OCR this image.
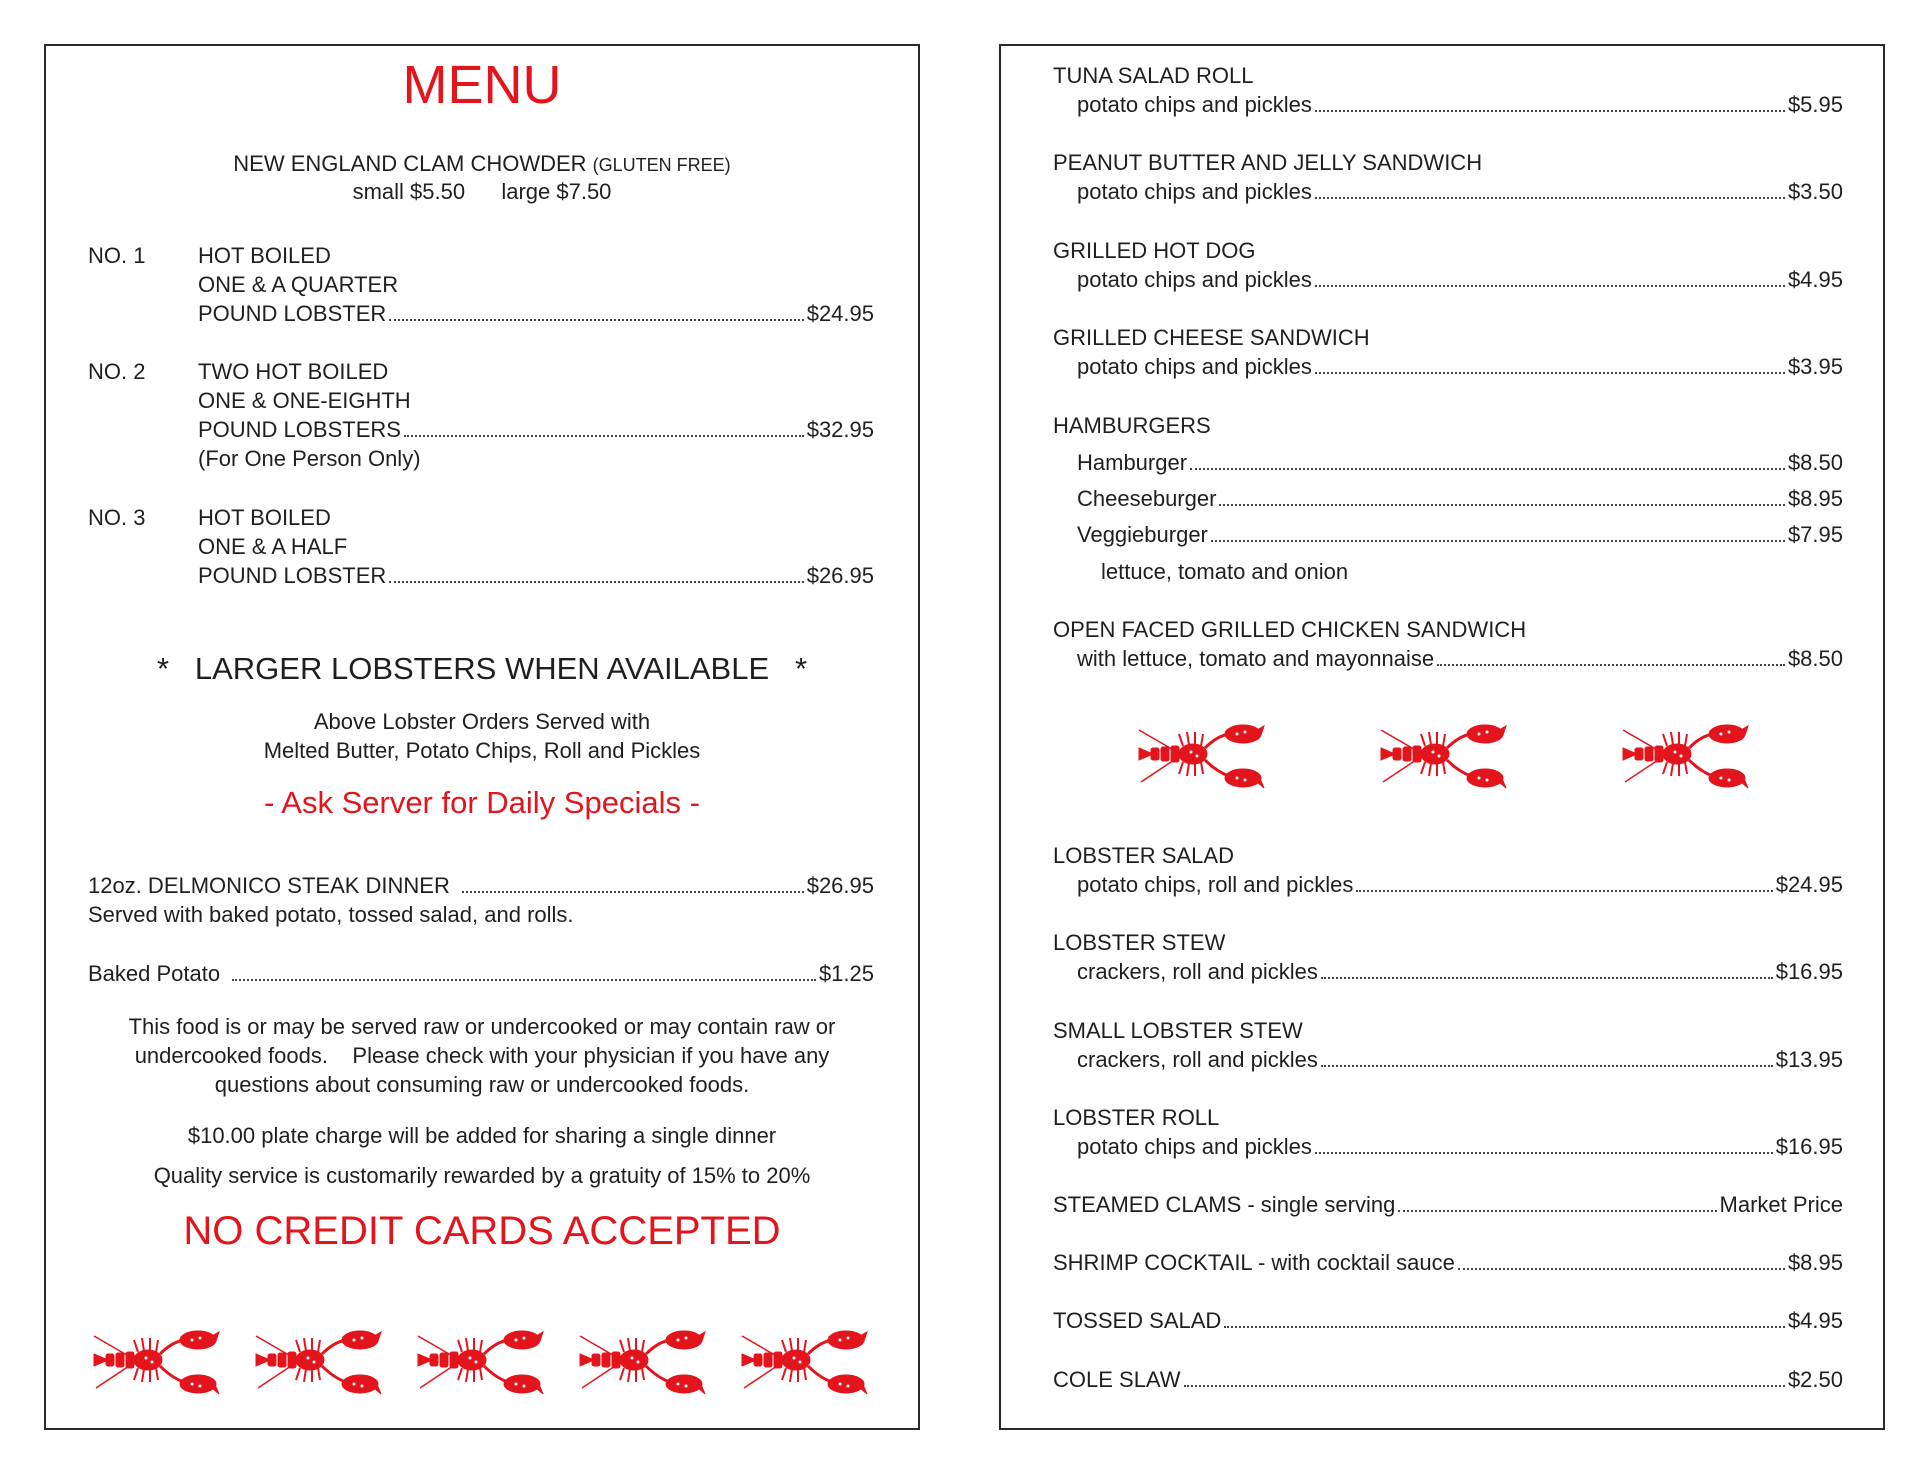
MENU
NEW ENGLAND CLAM CHOWDER (GLUTEN FREE)
small $5.50 large $7.50
NO. 1 HOT BOILED
ONE & A QUARTER
POUND LOBSTER	$24.95
NO. 2 TWO HOT BOILED
ONE & ONE-EIGHTH
POUND LOBSTERS	$32.95
(For One Person Only)
NO. 3 HOT BOILED
ONE & A HALF
POUND LOBSTER	$26.95
*   LARGER LOBSTERS WHEN AVAILABLE   *
Above Lobster Orders Served with
Melted Butter, Potato Chips, Roll and Pickles
- Ask Server for Daily Specials -
12oz. DELMONICO STEAK DINNER	$26.95
Served with baked potato, tossed salad, and rolls.
Baked Potato	$1.25
This food is or may be served raw or undercooked or may contain raw or
undercooked foods.    Please check with your physician if you have any
questions about consuming raw or undercooked foods.
$10.00 plate charge will be added for sharing a single dinner
Quality service is customarily rewarded by a gratuity of 15% to 20%
NO CREDIT CARDS ACCEPTED
TUNA SALAD ROLL
potato chips and pickles	$5.95
PEANUT BUTTER AND JELLY SANDWICH
potato chips and pickles	$3.50
GRILLED HOT DOG
potato chips and pickles	$4.95
GRILLED CHEESE SANDWICH
potato chips and pickles	$3.95
HAMBURGERS
Hamburger	$8.50
Cheeseburger	$8.95
Veggieburger	$7.95
lettuce, tomato and onion
OPEN FACED GRILLED CHICKEN SANDWICH
with lettuce, tomato and mayonnaise	$8.50
LOBSTER SALAD
potato chips, roll and pickles	$24.95
LOBSTER STEW
crackers, roll and pickles	$16.95
SMALL LOBSTER STEW
crackers, roll and pickles	$13.95
LOBSTER ROLL
potato chips and pickles	$16.95
STEAMED CLAMS - single serving	Market Price
SHRIMP COCKTAIL - with cocktail sauce	$8.95
TOSSED SALAD	$4.95
COLE SLAW	$2.50
